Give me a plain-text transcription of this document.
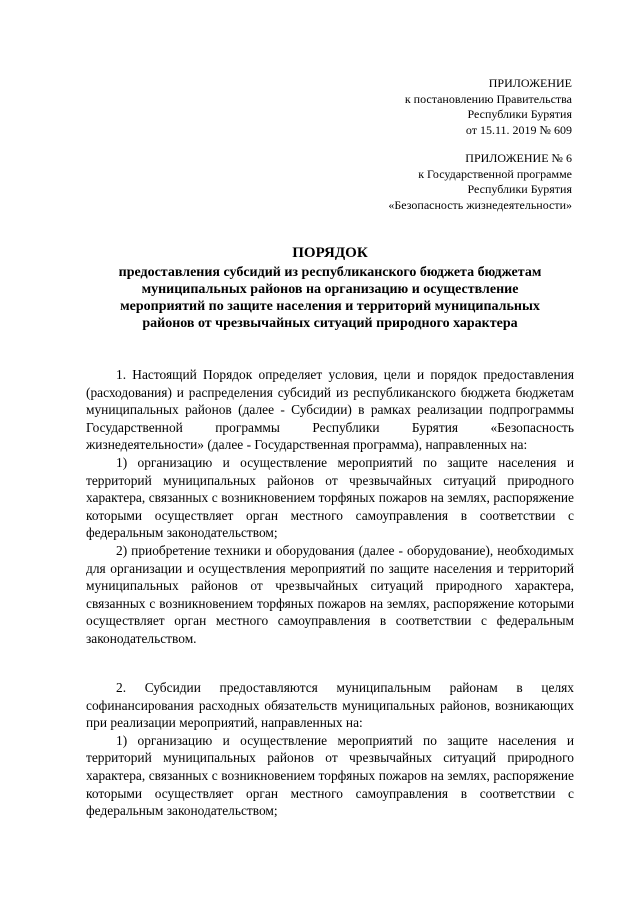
ПРИЛОЖЕНИЕ
к постановлению Правительства
Республики Бурятия
от 15.11. 2019 № 609
ПРИЛОЖЕНИЕ № 6
к Государственной программе
Республики Бурятия
«Безопасность жизнедеятельности»
ПОРЯДОК
предоставления субсидий из республиканского бюджета бюджетам муниципальных районов на организацию и осуществление мероприятий по защите населения и территорий муниципальных районов от чрезвычайных ситуаций природного характера

1. Настоящий Порядок определяет условия, цели и порядок предоставления (расходования) и распределения субсидий из республиканского бюджета бюджетам муниципальных районов (далее - Субсидии) в рамках реализации подпрограммы Государственной программы Республики Бурятия «Безопасность жизнедеятельности» (далее - Государственная программа), направленных на:

1) организацию и осуществление мероприятий по защите населения и территорий муниципальных районов от чрезвычайных ситуаций природного характера, связанных с возникновением торфяных пожаров на землях, распоряжение которыми осуществляет орган местного самоуправления в соответствии с федеральным законодательством;

2) приобретение техники и оборудования (далее - оборудование), необходимых для организации и осуществления мероприятий по защите населения и территорий муниципальных районов от чрезвычайных ситуаций природного характера, связанных с возникновением торфяных пожаров на землях, распоряжение которыми осуществляет орган местного самоуправления в соответствии с федеральным законодательством.

2. Субсидии предоставляются муниципальным районам в целях софинансирования расходных обязательств муниципальных районов, возникающих при реализации мероприятий, направленных на:

1) организацию и осуществление мероприятий по защите населения и территорий муниципальных районов от чрезвычайных ситуаций природного характера, связанных с возникновением торфяных пожаров на землях, распоряжение которыми осуществляет орган местного самоуправления в соответствии с федеральным законодательством;
